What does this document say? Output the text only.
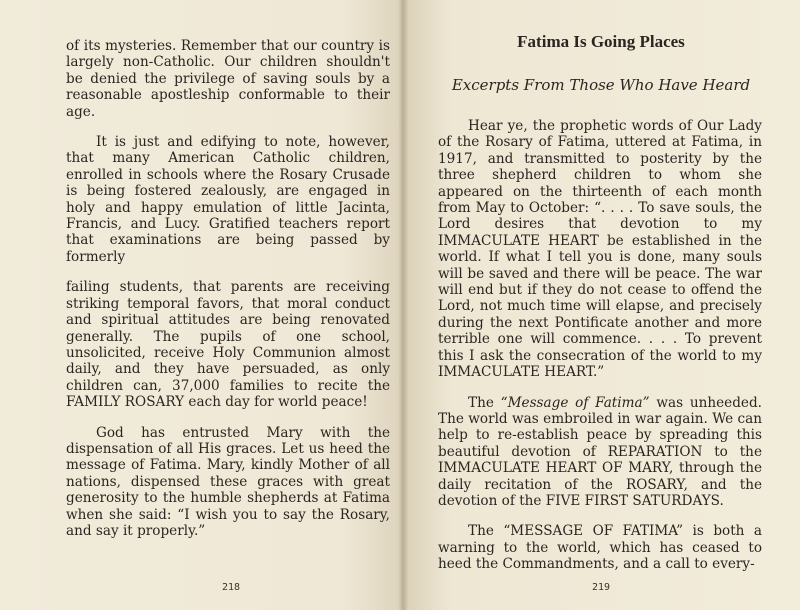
of its mysteries. Remember that our country is largely non-Catholic. Our children shouldn't be denied the privilege of saving souls by a reasonable apostleship conformable to their age.

It is just and edifying to note, however, that many American Catholic children, enrolled in schools where the Rosary Crusade is being fostered zealously, are engaged in holy and happy emulation of little Jacinta, Francis, and Lucy. Gratified teachers report that examinations are being passed by formerly

failing students, that parents are receiving striking temporal favors, that moral conduct and spiritual attitudes are being renovated generally. The pupils of one school, unsolicited, receive Holy Communion almost daily, and they have persuaded, as only children can, 37,000 families to recite the FAMILY ROSARY each day for world peace!

God has entrusted Mary with the dispensation of all His graces. Let us heed the message of Fatima. Mary, kindly Mother of all nations, dispensed these graces with great generosity to the humble shepherds at Fatima when she said: “I wish you to say the Rosary, and say it properly.”

218
Fatima Is Going Places
Excerpts From Those Who Have Heard

Hear ye, the prophetic words of Our Lady of the Rosary of Fatima, uttered at Fatima, in 1917, and transmitted to posterity by the three shepherd children to whom she appeared on the thirteenth of each month from May to October: “. . . . To save souls, the Lord desires that devotion to my IMMACULATE HEART be established in the world. If what I tell you is done, many souls will be saved and there will be peace. The war will end but if they do not cease to offend the Lord, not much time will elapse, and precisely during the next Pontificate another and more terrible one will commence. . . . To prevent this I ask the consecration of the world to my IMMACULATE HEART.”

The “Message of Fatima” was unheeded. The world was embroiled in war again. We can help to re-establish peace by spreading this beautiful devotion of REPARATION to the IMMACULATE HEART OF MARY, through the daily recitation of the ROSARY, and the devotion of the FIVE FIRST SATURDAYS.

The “MESSAGE OF FATIMA” is both a warning to the world, which has ceased to heed the Commandments, and a call to every-

219
